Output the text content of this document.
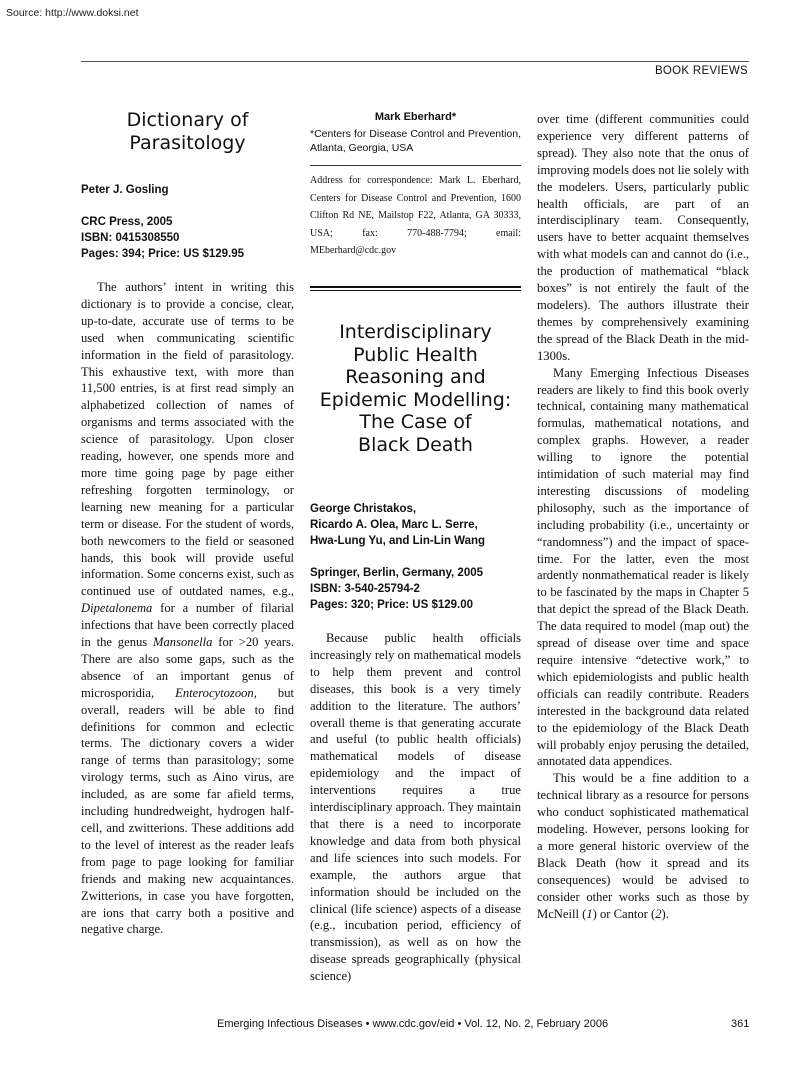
Source: http://www.doksi.net
BOOK REVIEWS
Dictionary of
Parasitology
Peter J. Gosling
CRC Press, 2005
ISBN: 0415308550
Pages: 394; Price: US $129.95

The authors’ intent in writing this dictionary is to provide a concise, clear, up-to-date, accurate use of terms to be used when communicating scientific information in the field of parasitology. This exhaustive text, with more than 11,500 entries, is at first read simply an alphabetized collection of names of organisms and terms associated with the science of parasitology. Upon closer reading, however, one spends more and more time going page by page either refreshing forgotten terminology, or learning new meaning for a particular term or disease. For the student of words, both newcomers to the field or seasoned hands, this book will provide useful information. Some concerns exist, such as continued use of outdated names, e.g., Dipetalonema for a number of filarial infections that have been correctly placed in the genus Mansonella for >20 years. There are also some gaps, such as the absence of an important genus of microsporidia, Enterocytozoon, but overall, readers will be able to find definitions for common and eclectic terms. The dictionary covers a wider range of terms than parasitology; some virology terms, such as Aino virus, are included, as are some far afield terms, including hundredweight, hydrogen half-cell, and zwitterions. These additions add to the level of interest as the reader leafs from page to page looking for familiar friends and making new acquaintances. Zwitterions, in case you have forgotten, are ions that carry both a positive and negative charge.

Mark Eberhard*
*Centers for Disease Control and Prevention, Atlanta, Georgia, USA
Address for correspondence: Mark L. Eberhard, Centers for Disease Control and Prevention, 1600 Clifton Rd NE, Mailstop F22, Atlanta, GA 30333, USA; fax: 770-488-7794; email: MEberhard@cdc.gov
Interdisciplinary
Public Health
Reasoning and
Epidemic Modelling:
The Case of
Black Death
George Christakos,
Ricardo A. Olea, Marc L. Serre,
Hwa-Lung Yu, and Lin-Lin Wang
Springer, Berlin, Germany, 2005
ISBN: 3-540-25794-2
Pages: 320; Price: US $129.00

Because public health officials increasingly rely on mathematical models to help them prevent and control diseases, this book is a very timely addition to the literature. The authors’ overall theme is that generating accurate and useful (to public health officials) mathematical models of disease epidemiology and the impact of interventions requires a true interdisciplinary approach. They maintain that there is a need to incorporate knowledge and data from both physical and life sciences into such models. For example, the authors argue that information should be included on the clinical (life science) aspects of a disease (e.g., incubation period, efficiency of transmission), as well as on how the disease spreads geographically (physical science)

over time (different communities could experience very different patterns of spread). They also note that the onus of improving models does not lie solely with the modelers. Users, particularly public health officials, are part of an interdisciplinary team. Consequently, users have to better acquaint themselves with what models can and cannot do (i.e., the production of mathematical “black boxes” is not entirely the fault of the modelers). The authors illustrate their themes by comprehensively examining the spread of the Black Death in the mid-1300s.

Many Emerging Infectious Diseases readers are likely to find this book overly technical, containing many mathematical formulas, mathematical notations, and complex graphs. However, a reader willing to ignore the potential intimidation of such material may find interesting discussions of modeling philosophy, such as the importance of including probability (i.e., uncertainty or “randomness”) and the impact of space-time. For the latter, even the most ardently nonmathematical reader is likely to be fascinated by the maps in Chapter 5 that depict the spread of the Black Death. The data required to model (map out) the spread of disease over time and space require intensive “detective work,” to which epidemiologists and public health officials can readily contribute. Readers interested in the background data related to the epidemiology of the Black Death will probably enjoy perusing the detailed, annotated data appendices.

This would be a fine addition to a technical library as a resource for persons who conduct sophisticated mathematical modeling. However, persons looking for a more general historic overview of the Black Death (how it spread and its consequences) would be advised to consider other works such as those by McNeill (1) or Cantor (2).

Emerging Infectious Diseases • www.cdc.gov/eid • Vol. 12, No. 2, February 2006	361
